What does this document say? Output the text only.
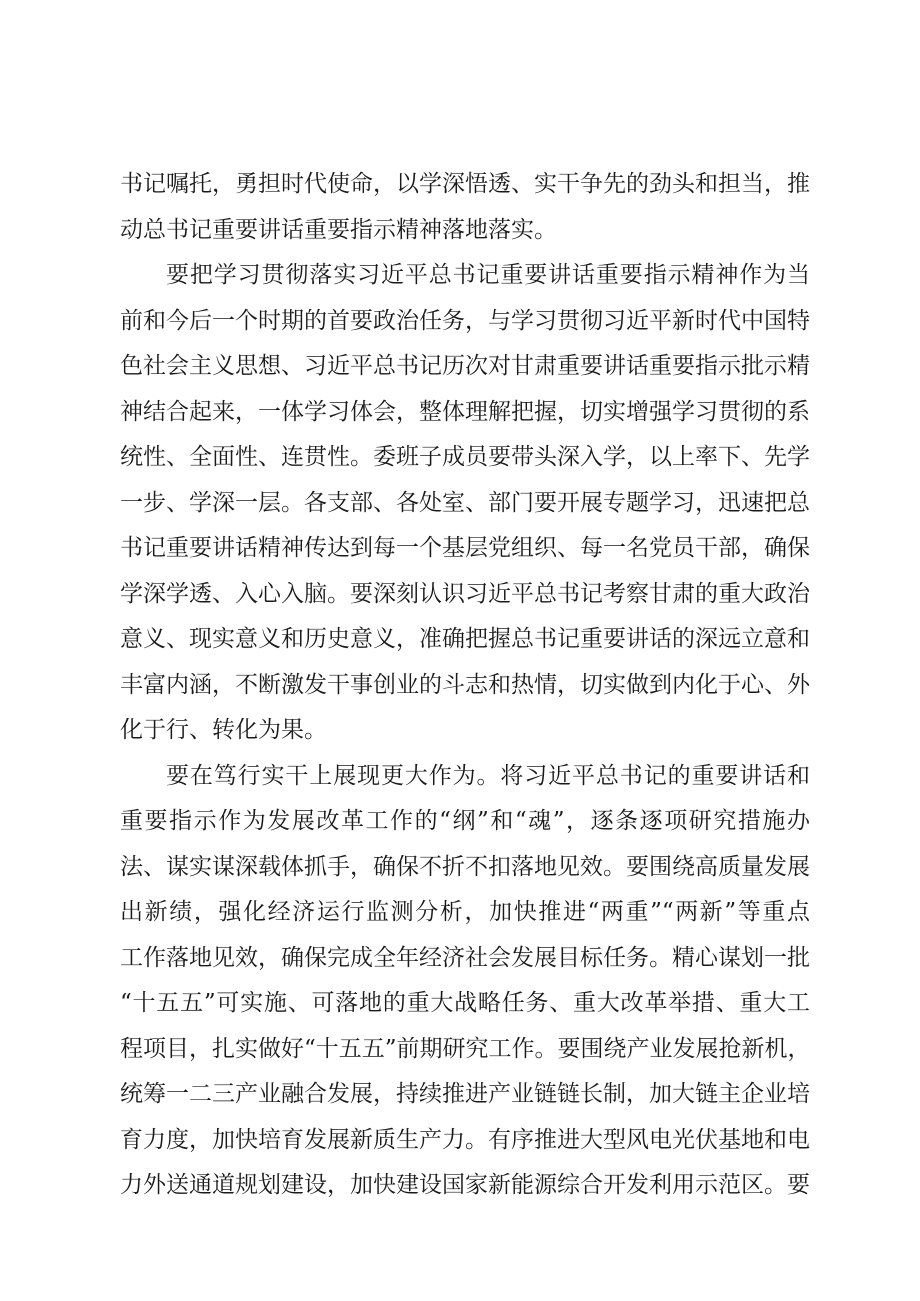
书记嘱托，勇担时代使命，以学深悟透、实干争先的劲头和担当，推
动总书记重要讲话重要指示精神落地落实。
要把学习贯彻落实习近平总书记重要讲话重要指示精神作为当
前和今后一个时期的首要政治任务，与学习贯彻习近平新时代中国特
色社会主义思想、习近平总书记历次对甘肃重要讲话重要指示批示精
神结合起来，一体学习体会，整体理解把握，切实增强学习贯彻的系
统性、全面性、连贯性。委班子成员要带头深入学，以上率下、先学
一步、学深一层。各支部、各处室、部门要开展专题学习，迅速把总
书记重要讲话精神传达到每一个基层党组织、每一名党员干部，确保
学深学透、入心入脑。要深刻认识习近平总书记考察甘肃的重大政治
意义、现实意义和历史意义，准确把握总书记重要讲话的深远立意和
丰富内涵，不断激发干事创业的斗志和热情，切实做到内化于心、外
化于行、转化为果。
要在笃行实干上展现更大作为。将习近平总书记的重要讲话和
重要指示作为发展改革工作的“纲”和“魂”，逐条逐项研究措施办
法、谋实谋深载体抓手，确保不折不扣落地见效。要围绕高质量发展
出新绩，强化经济运行监测分析，加快推进“两重”“两新”等重点
工作落地见效，确保完成全年经济社会发展目标任务。精心谋划一批
“十五五”可实施、可落地的重大战略任务、重大改革举措、重大工
程项目，扎实做好“十五五”前期研究工作。要围绕产业发展抢新机，
统筹一二三产业融合发展，持续推进产业链链长制，加大链主企业培
育力度，加快培育发展新质生产力。有序推进大型风电光伏基地和电
力外送通道规划建设，加快建设国家新能源综合开发利用示范区。要
